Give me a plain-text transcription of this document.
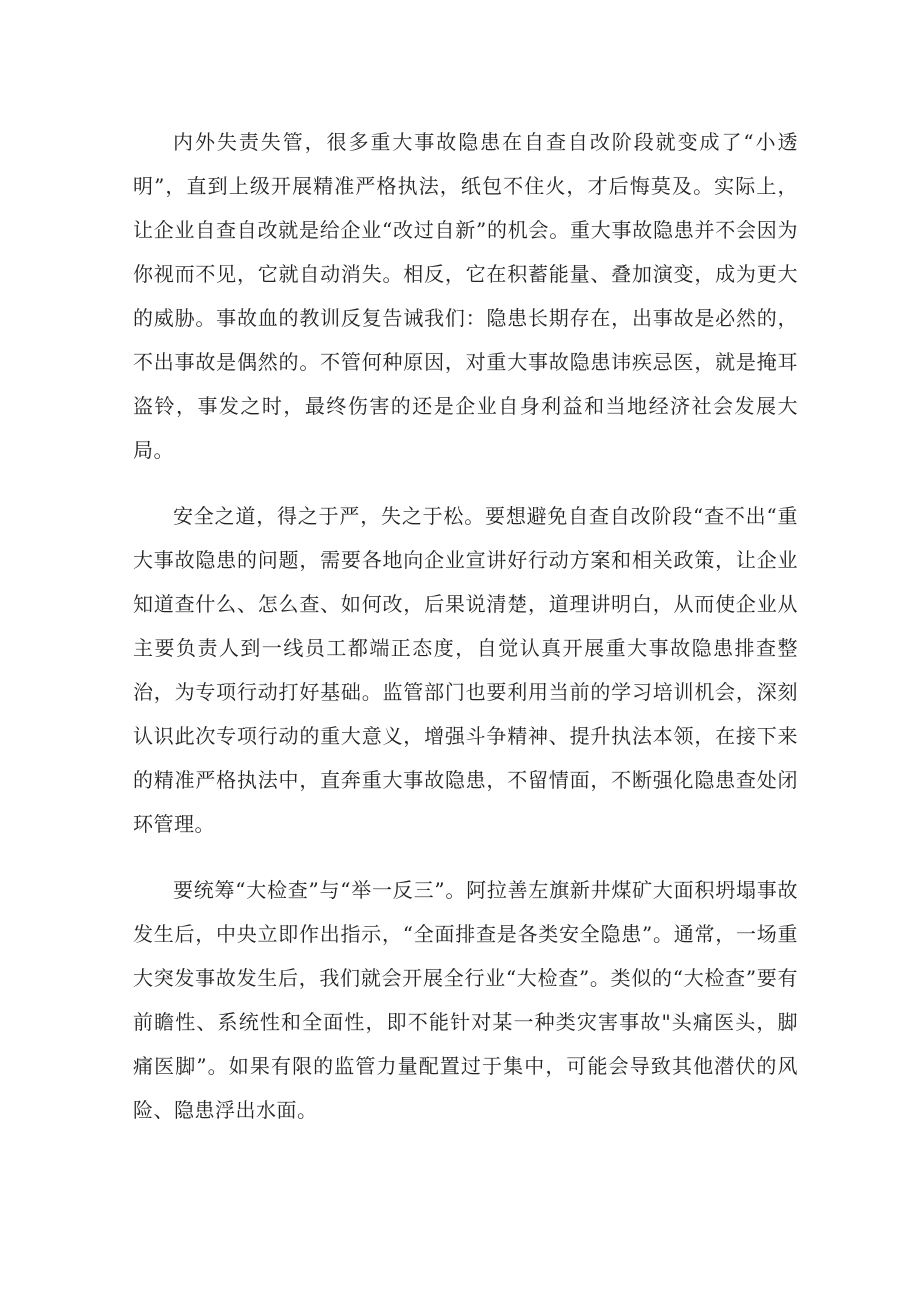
内外失责失管，很多重大事故隐患在自查自改阶段就变成了“小透明”，直到上级开展精准严格执法，纸包不住火，才后悔莫及。实际上，让企业自查自改就是给企业“改过自新”的机会。重大事故隐患并不会因为你视而不见，它就自动消失。相反，它在积蓄能量、叠加演变，成为更大的威胁。事故血的教训反复告诫我们：隐患长期存在，出事故是必然的，不出事故是偶然的。不管何种原因，对重大事故隐患讳疾忌医，就是掩耳盗铃，事发之时，最终伤害的还是企业自身利益和当地经济社会发展大局。

安全之道，得之于严，失之于松。要想避免自查自改阶段“查不出“重大事故隐患的问题，需要各地向企业宣讲好行动方案和相关政策，让企业知道查什么、怎么查、如何改，后果说清楚，道理讲明白，从而使企业从主要负责人到一线员工都端正态度，自觉认真开展重大事故隐患排查整治，为专项行动打好基础。监管部门也要利用当前的学习培训机会，深刻认识此次专项行动的重大意义，增强斗争精神、提升执法本领，在接下来的精准严格执法中，直奔重大事故隐患，不留情面，不断强化隐患查处闭环管理。

要统筹“大检查”与“举一反三”。阿拉善左旗新井煤矿大面积坍塌事故发生后，中央立即作出指示，“全面排查是各类安全隐患”。通常，一场重大突发事故发生后，我们就会开展全行业“大检查”。类似的“大检查”要有前瞻性、系统性和全面性，即不能针对某一种类灾害事故"头痛医头，脚痛医脚”。如果有限的监管力量配置过于集中，可能会导致其他潜伏的风险、隐患浮出水面。
